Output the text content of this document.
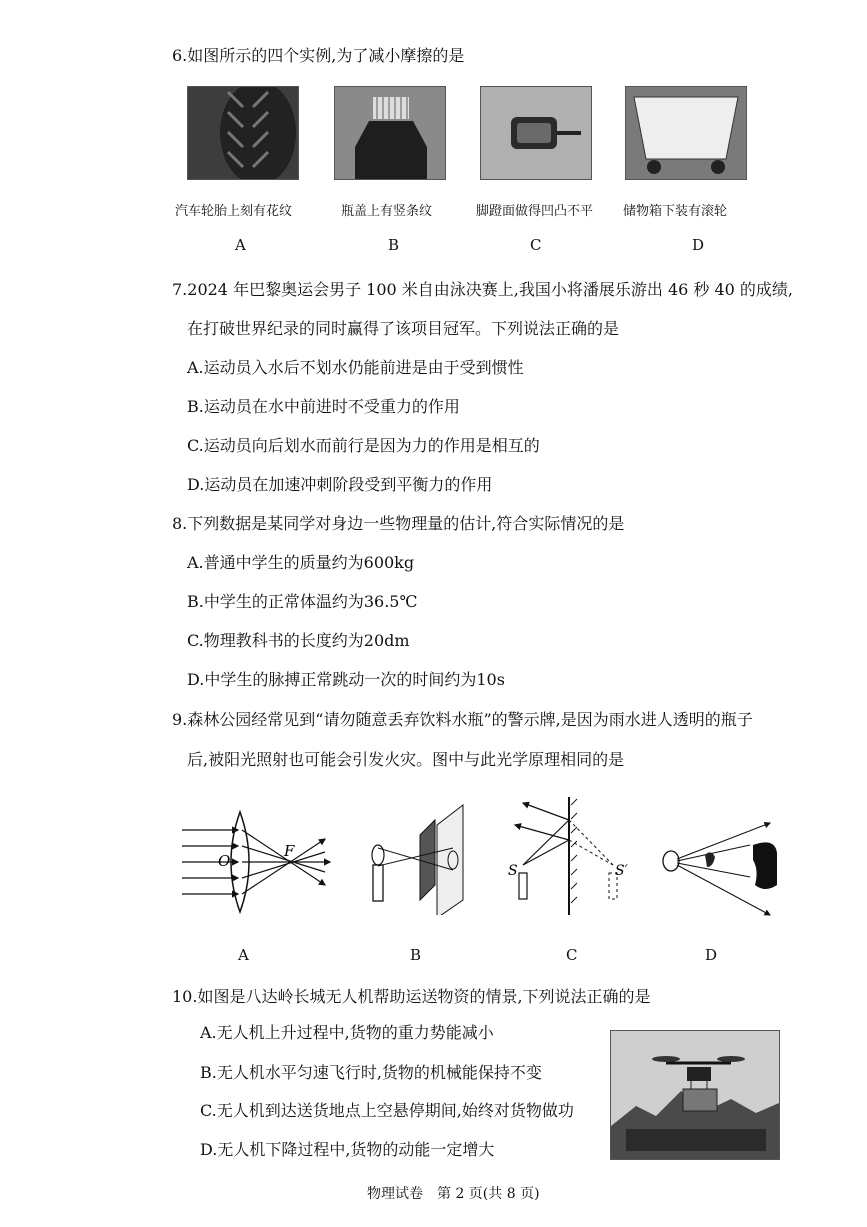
6.如图所示的四个实例,为了减小摩擦的是
汽车轮胎上刻有花纹	瓶盖上有竖条纹	脚蹬面做得凹凸不平 储物箱下装有滚轮
A	B	C	D
7.2024 年巴黎奥运会男子 100 米自由泳决赛上,我国小将潘展乐游出 46 秒 40 的成绩,
在打破世界纪录的同时赢得了该项目冠军。下列说法正确的是
A.运动员入水后不划水仍能前进是由于受到惯性
B.运动员在水中前进时不受重力的作用
C.运动员向后划水而前行是因为力的作用是相互的
D.运动员在加速冲刺阶段受到平衡力的作用
8.下列数据是某同学对身边一些物理量的估计,符合实际情况的是
A.普通中学生的质量约为600kg
B.中学生的正常体温约为36.5℃
C.物理教科书的长度约为20dm
D.中学生的脉搏正常跳动一次的时间约为10s
9.森林公园经常见到“请勿随意丢弃饮料水瓶”的警示牌,是因为雨水进人透明的瓶子
后,被阳光照射也可能会引发火灾。图中与此光学原理相同的是
O
F
S	S′
A	B	C	D
10.如图是八达岭长城无人机帮助运送物资的情景,下列说法正确的是
A.无人机上升过程中,货物的重力势能减小
B.无人机水平匀速飞行时,货物的机械能保持不变
C.无人机到达送货地点上空悬停期间,始终对货物做功
D.无人机下降过程中,货物的动能一定增大
物理试卷　第 2 页(共 8 页)
